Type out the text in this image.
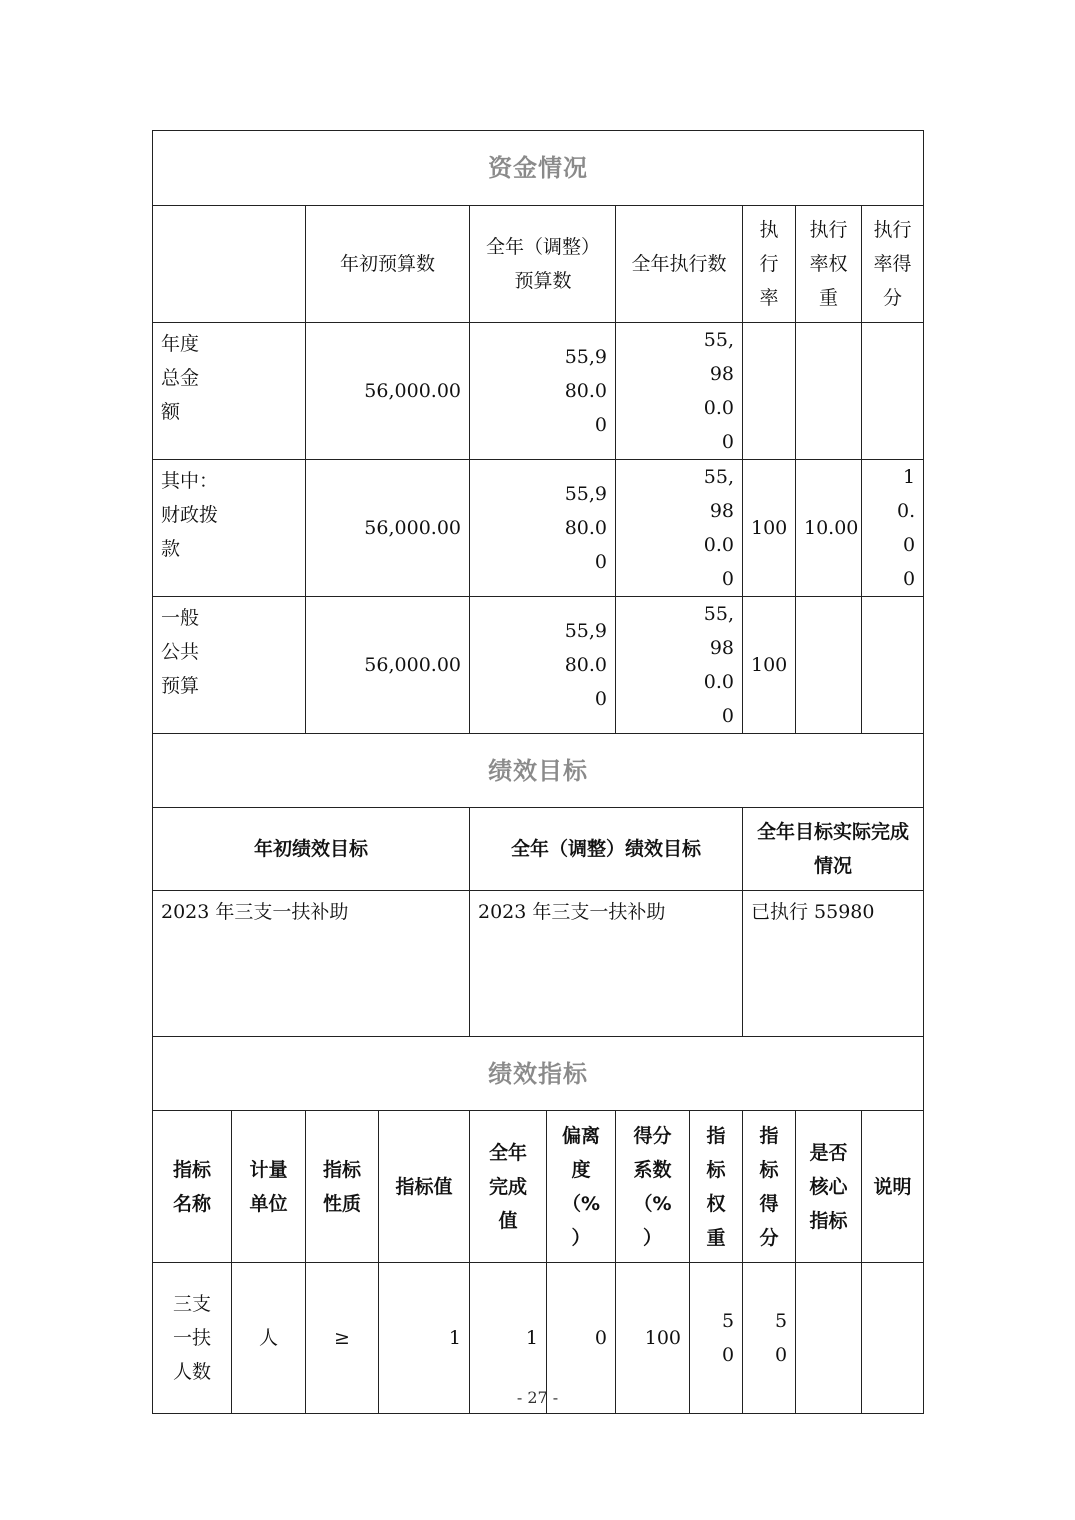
资金情况										
		年初预算数		全年（调整）预算数		全年执行数		执行率	执行率权重	执行率得分

年度总金额		56,000.00		55,980.00		55,980.00				

其中：财政拨款		56,000.00		55,980.00		55,980.00		100	10.00	10.00

一般公共预算		56,000.00		55,980.00		55,980.00		100		
绩效目标										
年初绩效目标				全年（调整）绩效目标				全年目标实际完成情况		
2023 年三支一扶补助				2023 年三支一扶补助				已执行 55980		
绩效指标										

指标名称	计量单位	指标性质	指标值	全年完成值	偏离度（%）	得分系数（%）	指标权重	指标得分	是否核心指标	说明

三支一扶人数	人	≥	1	1	0	100	50	50		

- 27 -
